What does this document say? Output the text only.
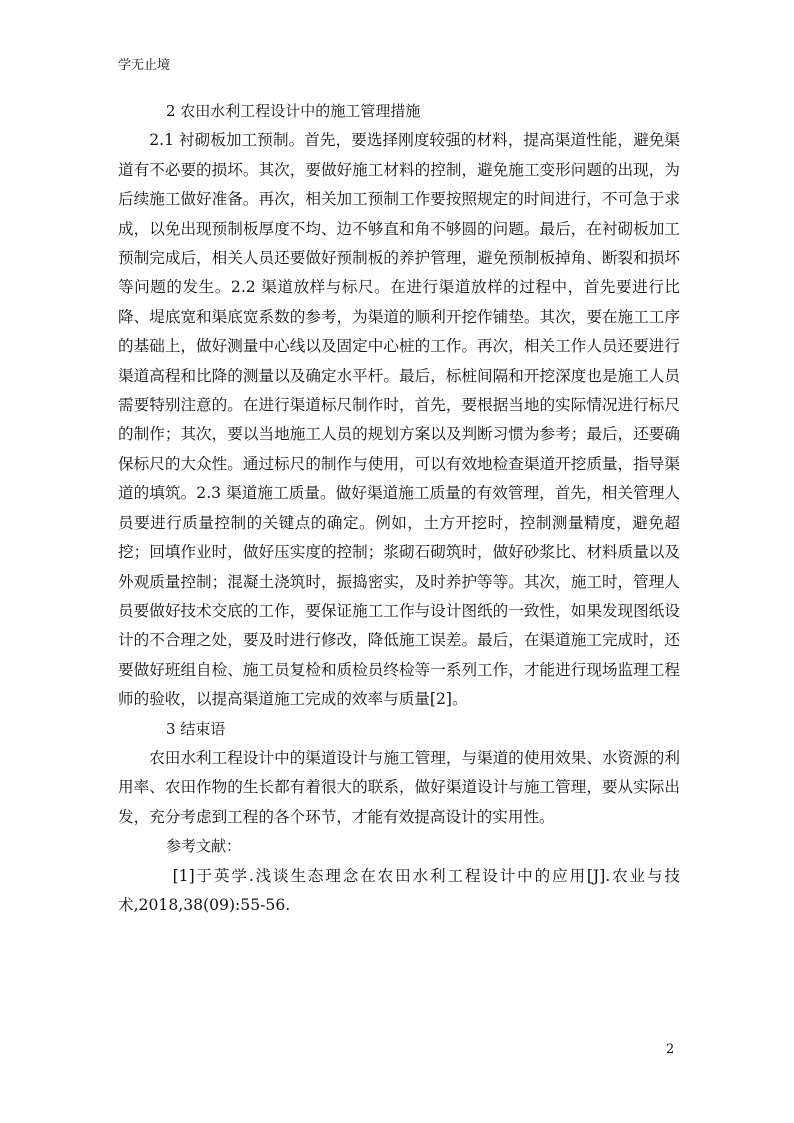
学无止境

2 农田水利工程设计中的施工管理措施

2.1 衬砌板加工预制。首先，要选择刚度较强的材料，提高渠道性能，避免渠道有不必要的损坏。其次，要做好施工材料的控制，避免施工变形问题的出现，为后续施工做好准备。再次，相关加工预制工作要按照规定的时间进行，不可急于求成，以免出现预制板厚度不均、边不够直和角不够圆的问题。最后，在衬砌板加工预制完成后，相关人员还要做好预制板的养护管理，避免预制板掉角、断裂和损坏等问题的发生。2.2 渠道放样与标尺。在进行渠道放样的过程中，首先要进行比降、堤底宽和渠底宽系数的参考，为渠道的顺利开挖作铺垫。其次，要在施工工序的基础上，做好测量中心线以及固定中心桩的工作。再次，相关工作人员还要进行渠道高程和比降的测量以及确定水平杆。最后，标桩间隔和开挖深度也是施工人员需要特别注意的。在进行渠道标尺制作时，首先，要根据当地的实际情况进行标尺的制作；其次，要以当地施工人员的规划方案以及判断习惯为参考；最后，还要确保标尺的大众性。通过标尺的制作与使用，可以有效地检查渠道开挖质量，指导渠道的填筑。2.3 渠道施工质量。做好渠道施工质量的有效管理，首先，相关管理人员要进行质量控制的关键点的确定。例如，土方开挖时，控制测量精度，避免超挖；回填作业时，做好压实度的控制；浆砌石砌筑时，做好砂浆比、材料质量以及外观质量控制；混凝土浇筑时，振捣密实，及时养护等等。其次，施工时，管理人员要做好技术交底的工作，要保证施工工作与设计图纸的一致性，如果发现图纸设计的不合理之处，要及时进行修改，降低施工误差。最后，在渠道施工完成时，还要做好班组自检、施工员复检和质检员终检等一系列工作，才能进行现场监理工程师的验收，以提高渠道施工完成的效率与质量[2]。

3 结束语

农田水利工程设计中的渠道设计与施工管理，与渠道的使用效果、水资源的利用率、农田作物的生长都有着很大的联系，做好渠道设计与施工管理，要从实际出发，充分考虑到工程的各个环节，才能有效提高设计的实用性。

参考文献：

[1]于英学.浅谈生态理念在农田水利工程设计中的应用[J].农业与技术,2018,38(09):55-56.

2
